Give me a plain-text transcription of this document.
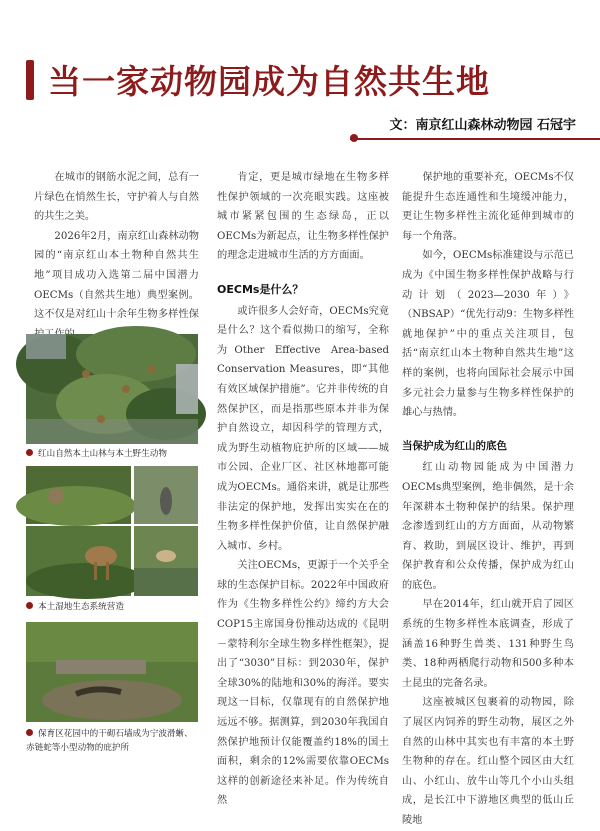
当一家动物园成为自然共生地
文：南京红山森林动物园 石冠宇

在城市的钢筋水泥之间，总有一片绿色在悄然生长，守护着人与自然的共生之美。

2026年2月，南京红山森林动物园的“南京红山本土物种自然共生地”项目成功入选第二届中国潜力OECMs（自然共生地）典型案例。这不仅是对红山十余年生物多样性保

红山自然本土山林与本土野生动物
本土湿地生态系统营造
保育区花园中的干砌石墙成为宁波滑蜥、赤链蛇等小型动物的庇护所

肯定，更是城市绿地在生物多样性保护领域的一次亮眼实践。这座被城市紧紧包围的生态绿岛，正以OECMs为新起点，让生物多样性保护的理念走进城市生活的方方面面。

OECMs是什么？

或许很多人会好奇，OECMs究竟是什么？这个看似拗口的缩写，全称为Other Effective Area-based Conservation Measures，即“其他有效区域保护措施”。它并非传统的自然保护区，而是指那些原本并非为保护自然设立，却因科学的管理方式，成为野生动植物庇护所的区域——城市公园、企业厂区、社区林地都可能成为OECMs。通俗来讲，就是让那些非法定的保护地，发挥出实实在在的生物多样性保护价值，让自然保护融入城市、乡村。

关注OECMs，更源于一个关乎全球的生态保护目标。2022年中国政府作为《生物多样性公约》缔约方大会COP15主席国身份推动达成的《昆明－蒙特利尔全球生物多样性框架》，提出了“3030”目标：到2030年，保护全球30%的陆地和30%的海洋。要实现这一目标，仅靠现有的自然保护地远远不够。据测算，到2030年我国自然保护地预计仅能覆盖约18%的国土面积，剩余的12%需要依靠OECMs这样的创新途径来补足。作为传统自然

保护地的重要补充，OECMs不仅能提升生态连通性和生境缓冲能力，更让生物多样性主流化延伸到城市的每一个角落。

如今，OECMs标准建设与示范已成为《中国生物多样性保护战略与行动计划（2023—2030年）》（NBSAP）“优先行动9：生物多样性就地保护”中的重点关注项目，包括“南京红山本土物种自然共生地”这样的案例，也将向国际社会展示中国多元社会力量参与生物多样性保护的雄心与热情。

当保护成为红山的底色

红山动物园能成为中国潜力OECMs典型案例，绝非偶然，是十余年深耕本土物种保护的结果。保护理念渗透到红山的方方面面，从动物繁育、救助，到展区设计、维护，再到保护教育和公众传播，保护成为红山的底色。

早在2014年，红山就开启了园区系统的生物多样性本底调查，形成了涵盖16种野生兽类、131种野生鸟类、18种两栖爬行动物和500多种本土昆虫的完备名录。

这座被城区包裹着的动物园，除了展区内饲养的野生动物，展区之外自然的山林中其实也有丰富的本土野生物种的存在。红山整个园区由大红山、小红山、放牛山等几个小山头组成，是长江中下游地区典型的低山丘陵地
